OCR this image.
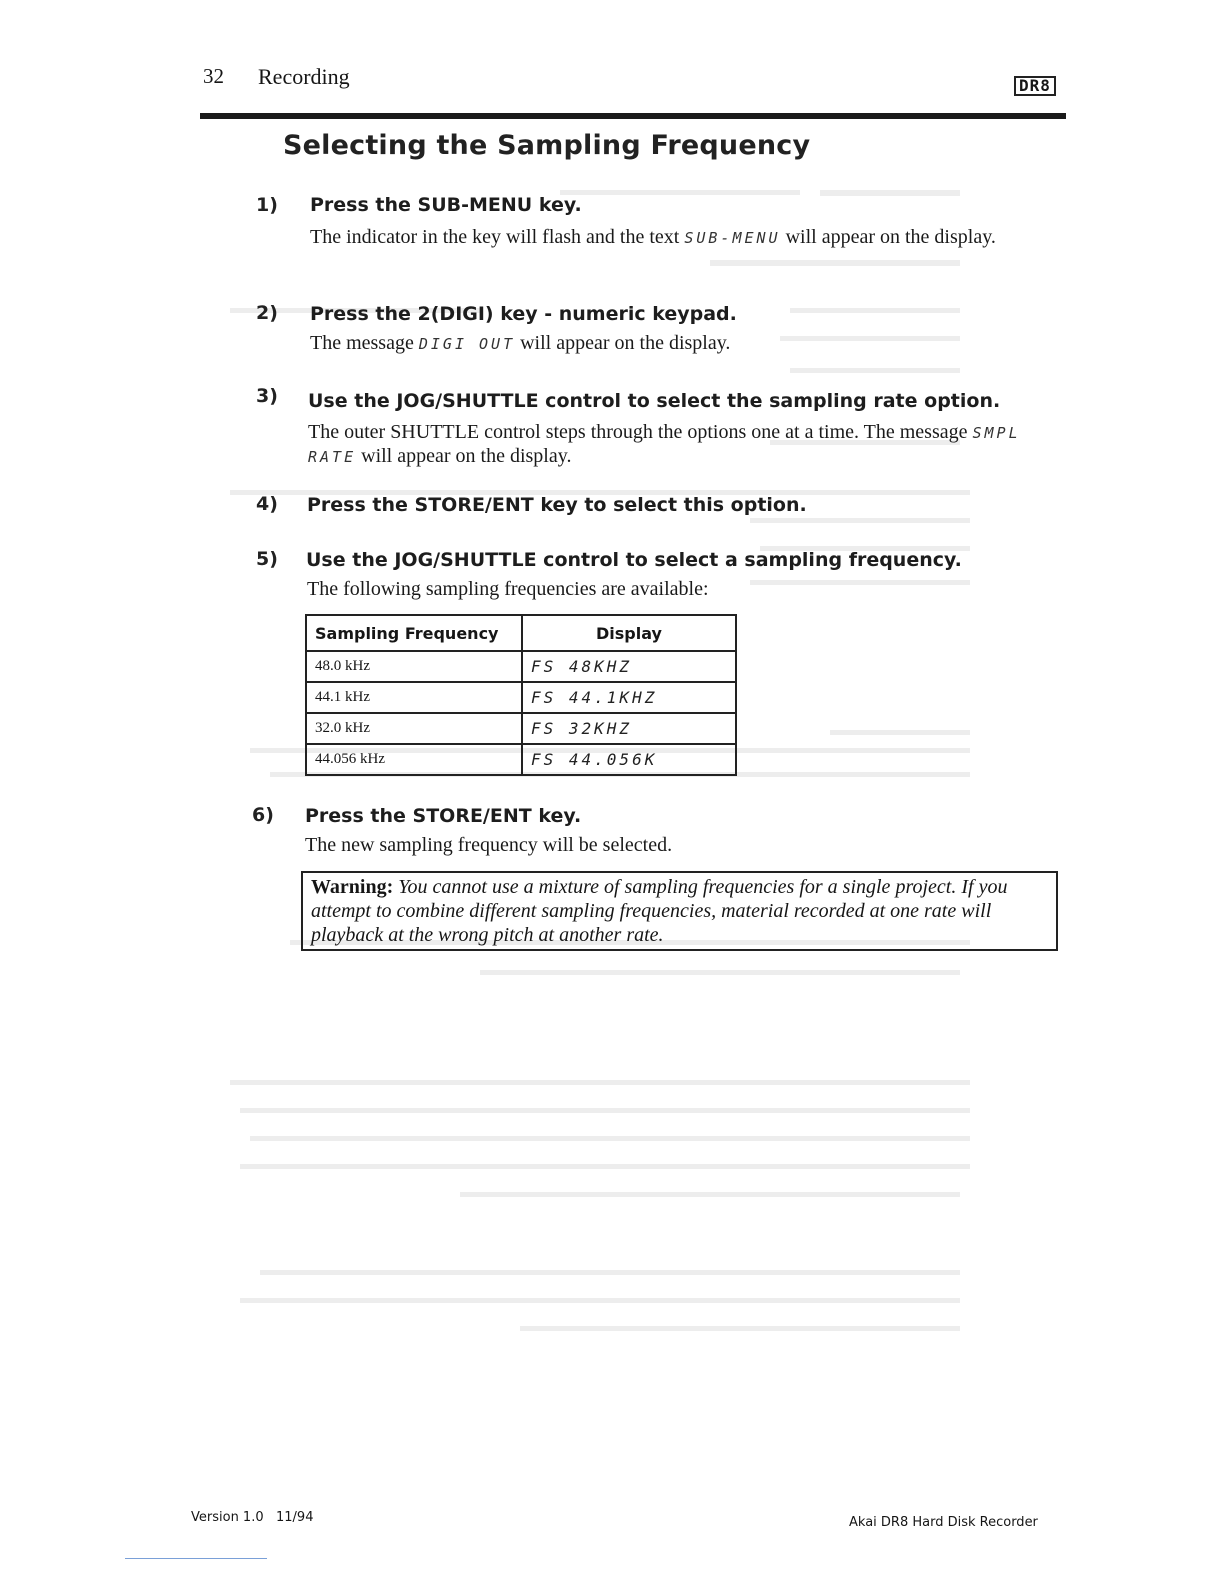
32 Recording	DR8
Selecting the Sampling Frequency
1) Press the SUB-MENU key.
The indicator in the key will flash and the text SUB-MENU will appear on the display.
2) Press the 2(DIGI) key - numeric keypad.
The message DIGI OUT will appear on the display.
3) Use the JOG/SHUTTLE control to select the sampling rate option.
The outer SHUTTLE control steps through the options one at a time. The message SMPL RATE will appear on the display.
4) Press the STORE/ENT key to select this option.
5) Use the JOG/SHUTTLE control to select a sampling frequency.
The following sampling frequencies are available:
Sampling Frequency	Display
48.0 kHz	FS 48KHZ
44.1 kHz	FS 44.1KHZ
32.0 kHz	FS 32KHZ
44.056 kHz	FS 44.056K
6) Press the STORE/ENT key.
The new sampling frequency will be selected.
Warning: You cannot use a mixture of sampling frequencies for a single project. If you attempt to combine different sampling frequencies, material recorded at one rate will playback at the wrong pitch at another rate.
Version 1.0   11/94	Akai DR8 Hard Disk Recorder
